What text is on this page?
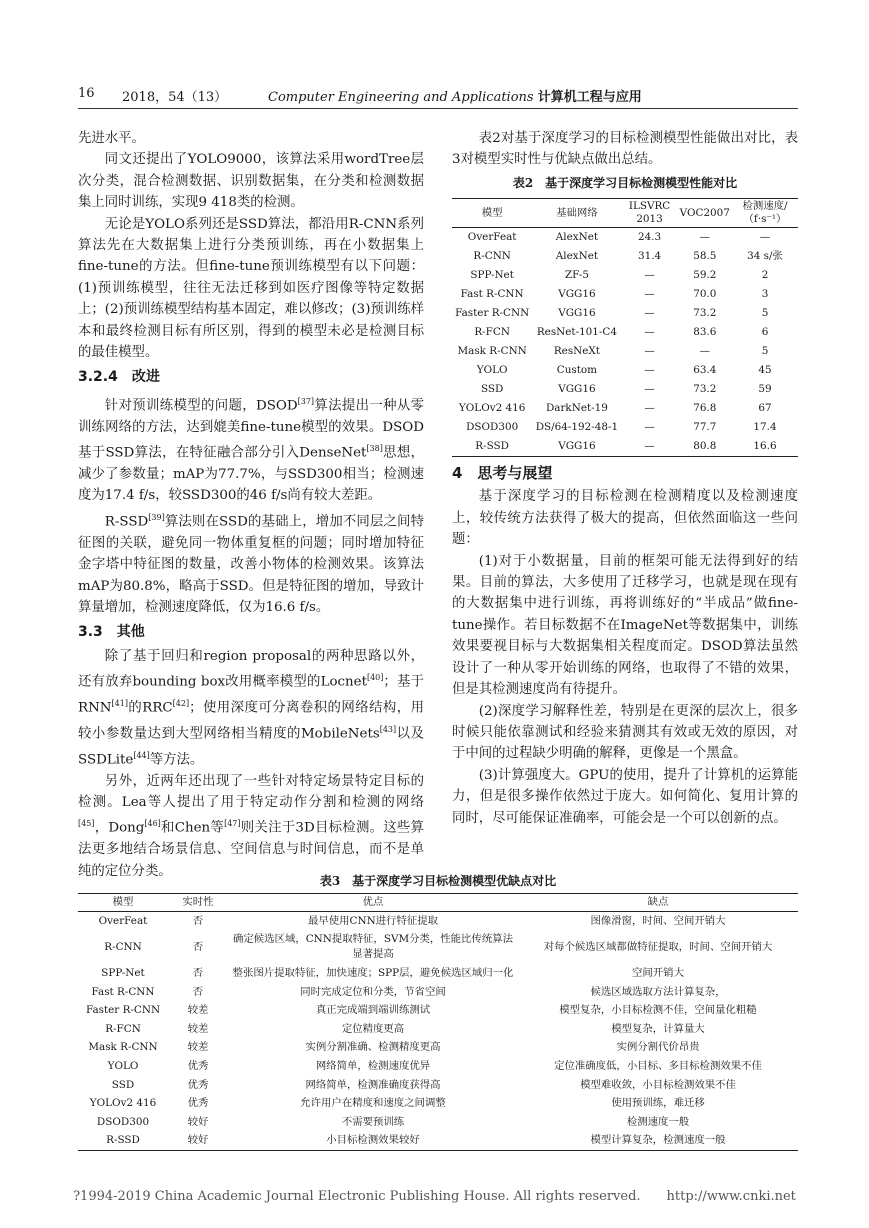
16 2018，54（13）	Computer Engineering and Applications 计算机工程与应用

先进水平。

同文还提出了YOLO9000，该算法采用wordTree层次分类，混合检测数据、识别数据集，在分类和检测数据集上同时训练，实现9 418类的检测。

无论是YOLO系列还是SSD算法，都沿用R-CNN系列算法先在大数据集上进行分类预训练，再在小数据集上fine-tune的方法。但fine-tune预训练模型有以下问题：(1)预训练模型，往往无法迁移到如医疗图像等特定数据上；(2)预训练模型结构基本固定，难以修改；(3)预训练样本和最终检测目标有所区别，得到的模型未必是检测目标的最佳模型。

3.2.4　改进

针对预训练模型的问题，DSOD[37]算法提出一种从零训练网络的方法，达到媲美fine-tune模型的效果。DSOD基于SSD算法，在特征融合部分引入DenseNet[38]思想，减少了参数量；mAP为77.7%，与SSD300相当；检测速度为17.4 f/s，较SSD300的46 f/s尚有较大差距。

R-SSD[39]算法则在SSD的基础上，增加不同层之间特征图的关联，避免同一物体重复框的问题；同时增加特征金字塔中特征图的数量，改善小物体的检测效果。该算法mAP为80.8%，略高于SSD。但是特征图的增加，导致计算量增加，检测速度降低，仅为16.6 f/s。

3.3　其他

除了基于回归和region proposal的两种思路以外，还有放弃bounding box改用概率模型的Locnet[40]；基于RNN[41]的RRC[42]；使用深度可分离卷积的网络结构，用较小参数量达到大型网络相当精度的MobileNets[43]以及SSDLite[44]等方法。

另外，近两年还出现了一些针对特定场景特定目标的检测。Lea等人提出了用于特定动作分割和检测的网络[45]，Dong[46]和Chen等[47]则关注于3D目标检测。这些算法更多地结合场景信息、空间信息与时间信息，而不是单纯的定位分类。

表2对基于深度学习的目标检测模型性能做出对比，表3对模型实时性与优缺点做出总结。

表2　基于深度学习目标检测模型性能对比
模型	基础网络	ILSVRC 2013	VOC2007	检测速度/（f·s⁻¹）
OverFeat	AlexNet	24.3	—	—
R-CNN	AlexNet	31.4	58.5	34 s/张
SPP-Net	ZF-5	—	59.2	2
Fast R-CNN	VGG16	—	70.0	3
Faster R-CNN	VGG16	—	73.2	5
R-FCN	ResNet-101-C4	—	83.6	6
Mask R-CNN	ResNeXt	—	—	5
YOLO	Custom	—	63.4	45
SSD	VGG16	—	73.2	59
YOLOv2 416	DarkNet-19	—	76.8	67
DSOD300	DS/64-192-48-1	—	77.7	17.4
R-SSD	VGG16	—	80.8	16.6
4　思考与展望

基于深度学习的目标检测在检测精度以及检测速度上，较传统方法获得了极大的提高，但依然面临这一些问题：

(1)对于小数据量，目前的框架可能无法得到好的结果。目前的算法，大多使用了迁移学习，也就是现在现有的大数据集中进行训练，再将训练好的“半成品”做fine-tune操作。若目标数据不在ImageNet等数据集中，训练效果要视目标与大数据集相关程度而定。DSOD算法虽然设计了一种从零开始训练的网络，也取得了不错的效果，但是其检测速度尚有待提升。

(2)深度学习解释性差，特别是在更深的层次上，很多时候只能依靠测试和经验来猜测其有效或无效的原因，对于中间的过程缺少明确的解释，更像是一个黑盒。

(3)计算强度大。GPU的使用，提升了计算机的运算能力，但是很多操作依然过于庞大。如何简化、复用计算的同时，尽可能保证准确率，可能会是一个可以创新的点。

表3　基于深度学习目标检测模型优缺点对比
模型	实时性	优点	缺点
OverFeat	否	最早使用CNN进行特征提取	图像滑窗，时间、空间开销大
R-CNN	否	确定候选区域，CNN提取特征，SVM分类，性能比传统算法显著提高	对每个候选区域都做特征提取，时间、空间开销大
SPP-Net	否	整张图片提取特征，加快速度；SPP层，避免候选区域归一化	空间开销大
Fast R-CNN	否	同时完成定位和分类，节省空间	候选区域选取方法计算复杂，
Faster R-CNN	较差	真正完成端到端训练测试	模型复杂，小目标检测不佳，空间量化粗糙
R-FCN	较差	定位精度更高	模型复杂，计算量大
Mask R-CNN	较差	实例分割准确、检测精度更高	实例分割代价昂贵
YOLO	优秀	网络简单，检测速度优异	定位准确度低，小目标、多目标检测效果不佳
SSD	优秀	网络简单，检测准确度获得高	模型难收敛，小目标检测效果不佳
YOLOv2 416	优秀	允许用户在精度和速度之间调整	使用预训练，难迁移
DSOD300	较好	不需要预训练	检测速度一般
R-SSD	较好	小目标检测效果较好	模型计算复杂，检测速度一般
?1994-2019 China Academic Journal Electronic Publishing House. All rights reserved.　　http://www.cnki.net
